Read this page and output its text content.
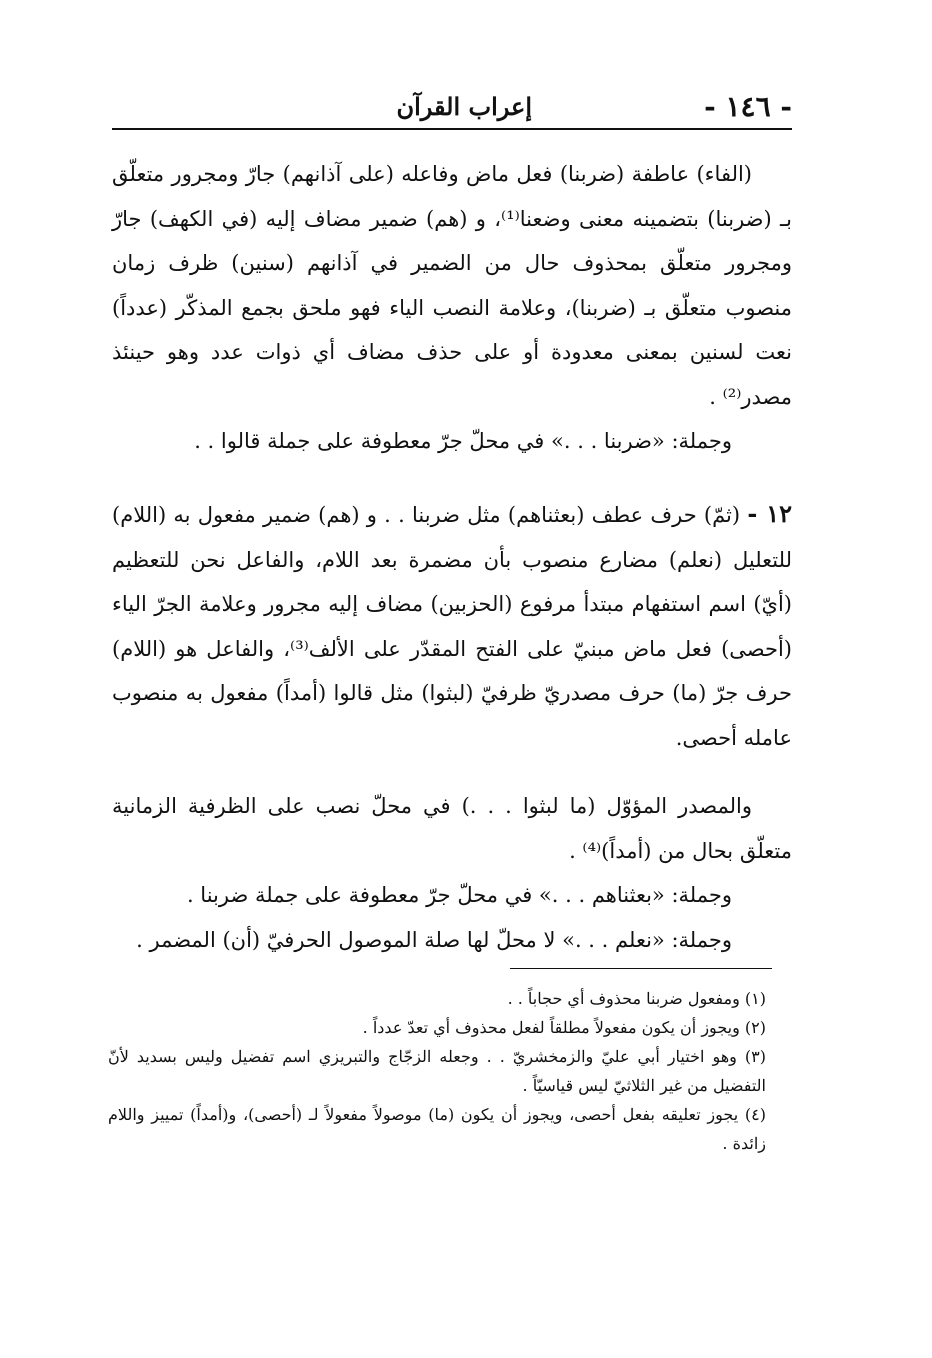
- ١٤٦ -
إعراب القرآن

(الفاء) عاطفة (ضربنا) فعل ماض وفاعله (على آذانهم) جارّ ومجرور متعلّق بـ (ضربنا) بتضمينه معنى وضعنا⁽¹⁾، و (هم) ضمير مضاف إليه (في الكهف) جارّ ومجرور متعلّق بمحذوف حال من الضمير في آذانهم (سنين) ظرف زمان منصوب متعلّق بـ (ضربنا)، وعلامة النصب الياء فهو ملحق بجمع المذكّر (عدداً) نعت لسنين بمعنى معدودة أو على حذف مضاف أي ذوات عدد وهو حينئذ مصدر⁽²⁾ .

وجملة: «ضربنا . . .» في محلّ جرّ معطوفة على جملة قالوا . .

١٢ - (ثمّ) حرف عطف (بعثناهم) مثل ضربنا . . و (هم) ضمير مفعول به (اللام) للتعليل (نعلم) مضارع منصوب بأن مضمرة بعد اللام، والفاعل نحن للتعظيم (أيّ) اسم استفهام مبتدأ مرفوع (الحزبين) مضاف إليه مجرور وعلامة الجرّ الياء (أحصى) فعل ماض مبنيّ على الفتح المقدّر على الألف⁽³⁾، والفاعل هو (اللام) حرف جرّ (ما) حرف مصدريّ ظرفيّ (لبثوا) مثل قالوا (أمداً) مفعول به منصوب عامله أحصى.

والمصدر المؤوّل (ما لبثوا . . .) في محلّ نصب على الظرفية الزمانية متعلّق بحال من (أمداً)⁽⁴⁾ .

وجملة: «بعثناهم . . .» في محلّ جرّ معطوفة على جملة ضربنا .

وجملة: «نعلم . . .» لا محلّ لها صلة الموصول الحرفيّ (أن) المضمر .

(١) ومفعول ضربنا محذوف أي حجاباً . .

(٢) ويجوز أن يكون مفعولاً مطلقاً لفعل محذوف أي تعدّ عدداً .

(٣) وهو اختيار أبي عليّ والزمخشريّ . . وجعله الزجّاج والتبريزي اسم تفضيل وليس بسديد لأنّ التفضيل من غير الثلاثيّ ليس قياسيّاً .

(٤) يجوز تعليقه بفعل أحصى، ويجوز أن يكون (ما) موصولاً مفعولاً لـ (أحصى)، و(أمداً) تمييز واللام زائدة .
